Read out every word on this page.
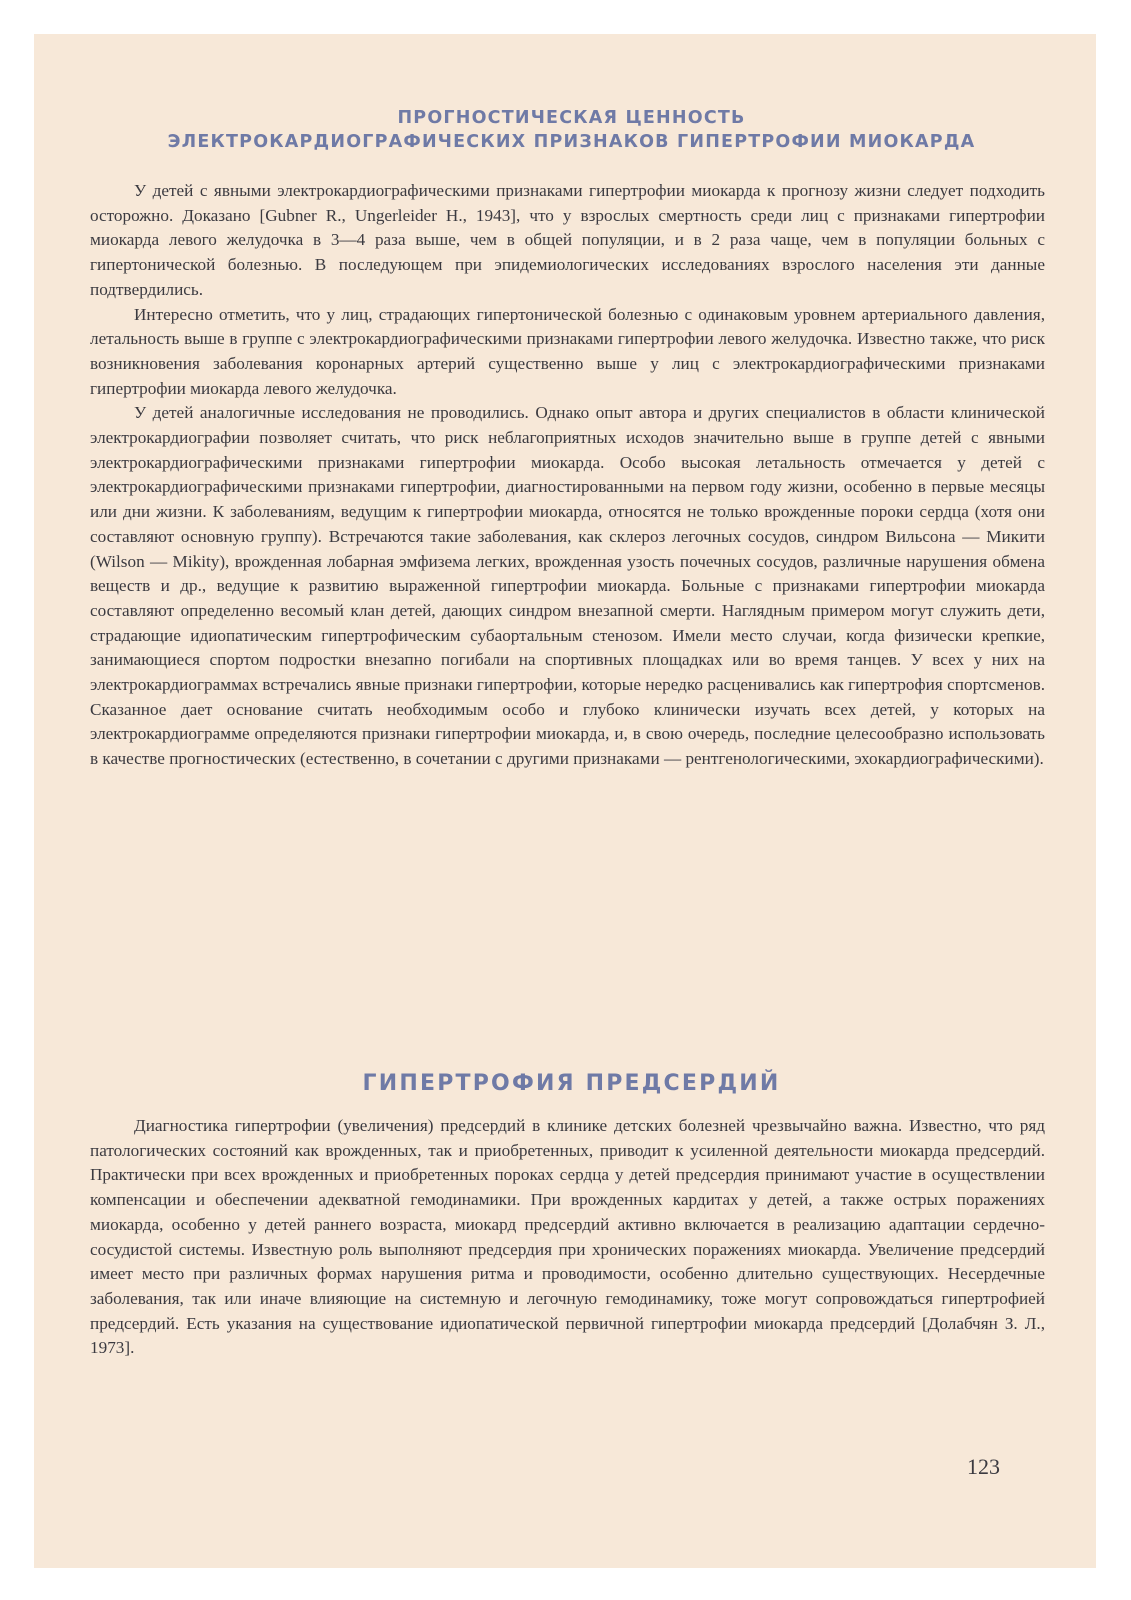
ПРОГНОСТИЧЕСКАЯ ЦЕННОСТЬ
ЭЛЕКТРОКАРДИОГРАФИЧЕСКИХ ПРИЗНАКОВ ГИПЕРТРОФИИ МИОКАРДА

У детей с явными электрокардиографическими признаками гипертрофии миокарда к прогнозу жизни следует подходить осторожно. Доказано [Gubner R., Ungerleider H., 1943], что у взрослых смертность среди лиц с признаками гипертрофии миокарда левого желудочка в 3—4 раза выше, чем в общей популяции, и в 2 раза чаще, чем в популяции больных с гипертонической болезнью. В последующем при эпидемиологических исследованиях взрослого населения эти данные подтвердились.

Интересно отметить, что у лиц, страдающих гипертонической болезнью с одинаковым уровнем артериального давления, летальность выше в группе с электрокардиографическими признаками гипертрофии левого желудочка. Известно также, что риск возникновения заболевания коронарных артерий существенно выше у лиц с электрокардиографическими признаками гипертрофии миокарда левого желудочка.

У детей аналогичные исследования не проводились. Однако опыт автора и других специалистов в области клинической электрокардиографии позволяет считать, что риск неблагоприятных исходов значительно выше в группе детей с явными электрокардиографическими признаками гипертрофии миокарда. Особо высокая летальность отмечается у детей с электрокардиографическими признаками гипертрофии, диагностированными на первом году жизни, особенно в первые месяцы или дни жизни. К заболеваниям, ведущим к гипертрофии миокарда, относятся не только врожденные пороки сердца (хотя они составляют основную группу). Встречаются такие заболевания, как склероз легочных сосудов, синдром Вильсона — Микити (Wilson — Mikity), врожденная лобарная эмфизема легких, врожденная узость почечных сосудов, различные нарушения обмена веществ и др., ведущие к развитию выраженной гипертрофии миокарда. Больные с признаками гипертрофии миокарда составляют определенно весомый клан детей, дающих синдром внезапной смерти. Наглядным примером могут служить дети, страдающие идиопатическим гипертрофическим субаортальным стенозом. Имели место случаи, когда физически крепкие, занимающиеся спортом подростки внезапно погибали на спортивных площадках или во время танцев. У всех у них на электрокардиограммах встречались явные признаки гипертрофии, которые нередко расценивались как гипертрофия спортсменов. Сказанное дает основание считать необходимым особо и глубоко клинически изучать всех детей, у которых на электрокардиограмме определяются признаки гипертрофии миокарда, и, в свою очередь, последние целесообразно использовать в качестве прогностических (естественно, в сочетании с другими признаками — рентгенологическими, эхокардиографическими).

ГИПЕРТРОФИЯ ПРЕДСЕРДИЙ

Диагностика гипертрофии (увеличения) предсердий в клинике детских болезней чрезвычайно важна. Известно, что ряд патологических состояний как врожденных, так и приобретенных, приводит к усиленной деятельности миокарда предсердий. Практически при всех врожденных и приобретенных пороках сердца у детей предсердия принимают участие в осуществлении компенсации и обеспечении адекватной гемодинамики. При врожденных кардитах у детей, а также острых поражениях миокарда, особенно у детей раннего возраста, миокард предсердий активно включается в реализацию адаптации сердечно-сосудистой системы. Известную роль выполняют предсердия при хронических поражениях миокарда. Увеличение предсердий имеет место при различных формах нарушения ритма и проводимости, особенно длительно существующих. Несердечные заболевания, так или иначе влияющие на системную и легочную гемодинамику, тоже могут сопровождаться гипертрофией предсердий. Есть указания на существование идиопатической первичной гипертрофии миокарда предсердий [Долабчян З. Л., 1973].

123
